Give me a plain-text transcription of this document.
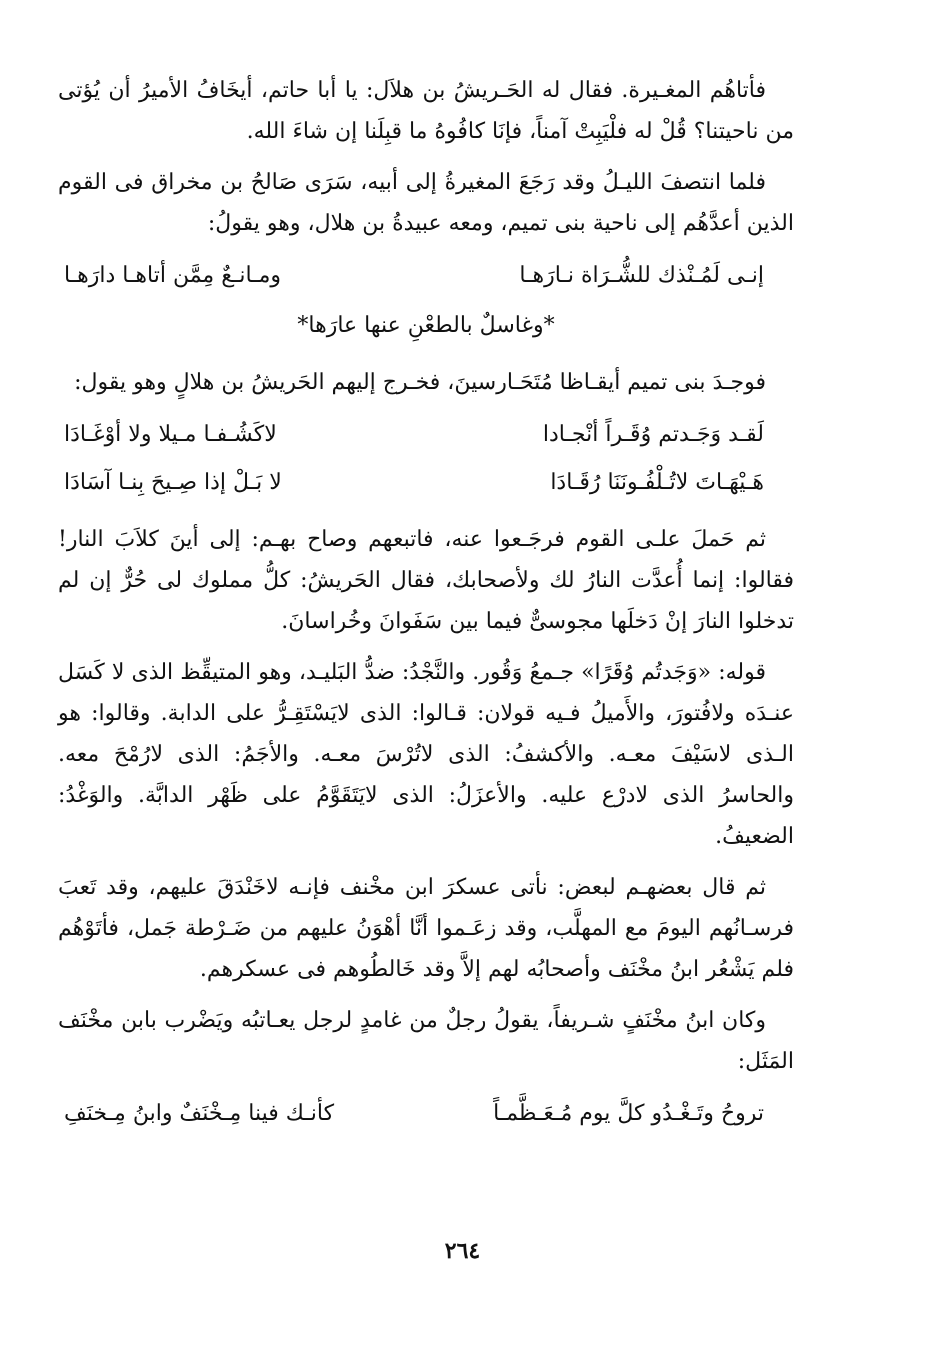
فأتاهُم المغـيرة. فقال له الحَـريشُ بن هلاَل: يا أبا حاتم، أيخَافُ الأميرُ أن يُؤتى من ناحيتنا؟ قُلْ له فلْيَبِتْ آمناً، فإنَا كافُوهُ ما قبِلَنا إن شاءَ الله.

فلما انتصفَ الليـلُ وقد رَجَعَ المغيرةُ إلى أبيه، سَرَى صَالحُ بن مخراق فى القوم الذين أعدَّهُم إلى ناحية بنى تميم، ومعه عبيدةُ بن هلال، وهو يقولُ:

إنـى لَمُـنْذك للشُّـرَاة نـارَهـا
ومـانـعٌ مِمَّن أتاهـا دارَهـا
*وغاسلٌ بالطعْنِ عنها عارَها*

فوجـدَ بنى تميم أيقـاظا مُتَحَـارسينَ، فخـرج إليهم الحَريشُ بن هلالٍ وهو يقول:

لَقـد وَجَـدتم وُقَـراً أنْجـادا
لاكَشُـفـا مـيلا ولا أوْغَـادَا
هَـيْهَـاتَ لاتُـلْفُـونَنَا رُقَـادَا
لا بَـلْ إذا صِـيحَ بِنـا آسَادَا

ثم حَملَ علـى القوم فرجَـعوا عنه، فاتبعهم وصاح بهـم: إلى أينَ كلاَبَ النار! فقالوا: إنما أُعدَّت النارُ لك ولأصحابك، فقال الحَريشُ: كلُّ مملوك لى حُرٌّ إن لم تدخلوا النارَ إنْ دَخلَها مجوسىٌّ فيما بين سَفَوانَ وخُراسانَ.

قوله: «وَجَدتُم وُقَرًا» جـمعُ وَقُور. والنَّجْدُ: ضدُّ البَليـد، وهو المتيقِّظ الذى لا كَسَل عنـدَه ولافُتورَ، والأَميلُ فـيه قولان: قـالوا: الذى لايَسْتَقِـرُّ على الدابة. وقالوا: هو الـذى لاسَيْفَ معـه. والأكشفُ: الذى لاتُرْسَ معـه. والأجَمُ: الذى لارُمْحَ معه. والحاسرُ الذى لادرْع عليه. والأعزَلُ: الذى لايَتَقَوَّمُ على ظَهْر الدابَّة. والوَغْدُ: الضعيفُ.

ثم قال بعضهـم لبعض: نأتى عسكرَ ابن مخْنف فإنـه لاخَنْدَقَ عليهم، وقد تَعبَ فرسـانُهم اليومَ مع المهلَّب، وقد زعَـموا أنَّا أهْوَنُ عليهم من ضَـرْطة جَمل، فأتَوْهُم فلم يَشْعُر ابنُ مخْنَف وأصحابُه لهم إلاَّ وقد خَالطُوهم فى عسكرهم.

وكان ابنُ مخْنَفٍ شـريفاً، يقولُ رجلٌ من غامدٍ لرجل يعـاتبُه ويَضْرب بابن مخْنَف المَثَل:

تروحُ وتَـغْـدُو كلَّ يوم مُـعَـظَّمـاً
كأنـك فينا مِـخْنَفٌ وابنُ مِـخنَفِ
٢٦٤
